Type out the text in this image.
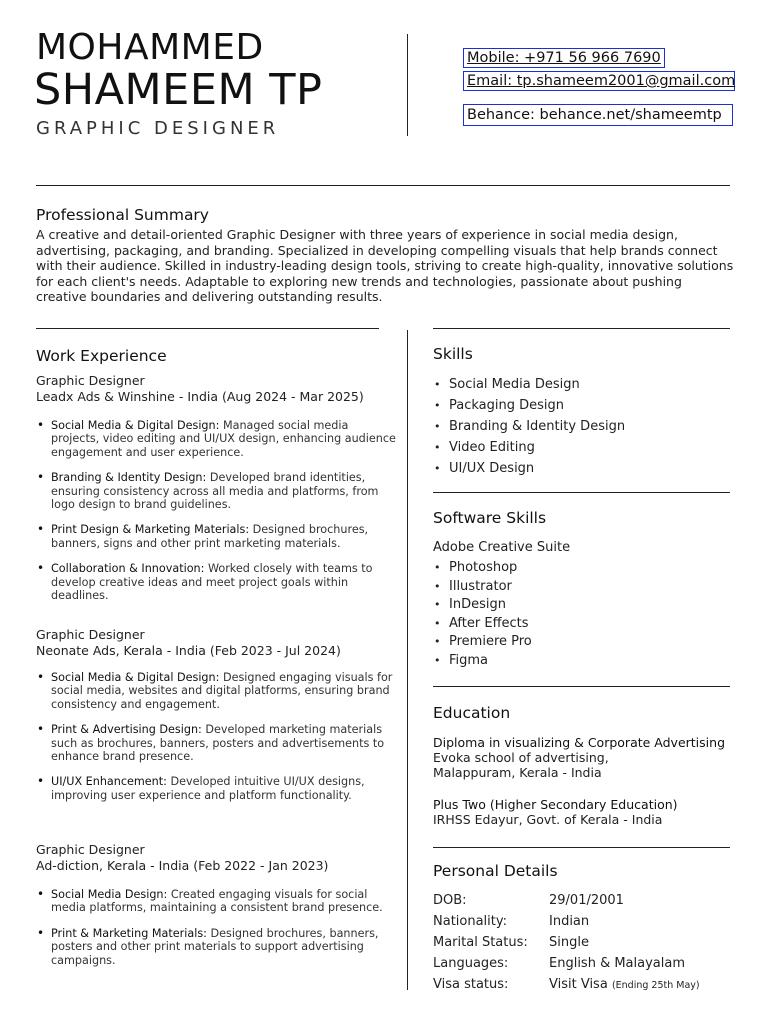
MOHAMMED
SHAMEEM TP
GRAPHIC DESIGNER
Mobile: +971 56 966 7690
Email: tp.shameem2001@gmail.com
Behance: behance.net/shameemtp
Professional Summary
A creative and detail-oriented Graphic Designer with three years of experience in social media design, advertising, packaging, and branding. Specialized in developing compelling visuals that help brands connect with their audience. Skilled in industry-leading design tools, striving to create high-quality, innovative solutions for each client's needs. Adaptable to exploring new trends and technologies, passionate about pushing creative boundaries and delivering outstanding results.
Work Experience
Graphic Designer
Leadx Ads & Winshine - India (Aug 2024 - Mar 2025)
• Social Media & Digital Design: Managed social media projects, video editing and UI/UX design, enhancing audience engagement and user experience.
• Branding & Identity Design: Developed brand identities, ensuring consistency across all media and platforms, from logo design to brand guidelines.
• Print Design & Marketing Materials: Designed brochures, banners, signs and other print marketing materials.
• Collaboration & Innovation: Worked closely with teams to develop creative ideas and meet project goals within deadlines.
Graphic Designer
Neonate Ads, Kerala - India (Feb 2023 - Jul 2024)
• Social Media & Digital Design: Designed engaging visuals for social media, websites and digital platforms, ensuring brand consistency and engagement.
• Print & Advertising Design: Developed marketing materials such as brochures, banners, posters and advertisements to enhance brand presence.
• UI/UX Enhancement: Developed intuitive UI/UX designs, improving user experience and platform functionality.
Graphic Designer
Ad-diction, Kerala - India (Feb 2022 - Jan 2023)
• Social Media Design: Created engaging visuals for social media platforms, maintaining a consistent brand presence.
• Print & Marketing Materials: Designed brochures, banners, posters and other print materials to support advertising campaigns.
Skills
• Social Media Design
• Packaging Design
• Branding & Identity Design
• Video Editing
• UI/UX Design
Software Skills
Adobe Creative Suite
• Photoshop
• Illustrator
• InDesign
• After Effects
• Premiere Pro
• Figma
Education
Diploma in visualizing & Corporate Advertising
Evoka school of advertising,
Malappuram, Kerala - India
Plus Two (Higher Secondary Education)
IRHSS Edayur, Govt. of Kerala - India
Personal Details
DOB:	29/01/2001
Nationality:	Indian
Marital Status:	Single
Languages:	English & Malayalam
Visa status:	Visit Visa (Ending 25th May)
